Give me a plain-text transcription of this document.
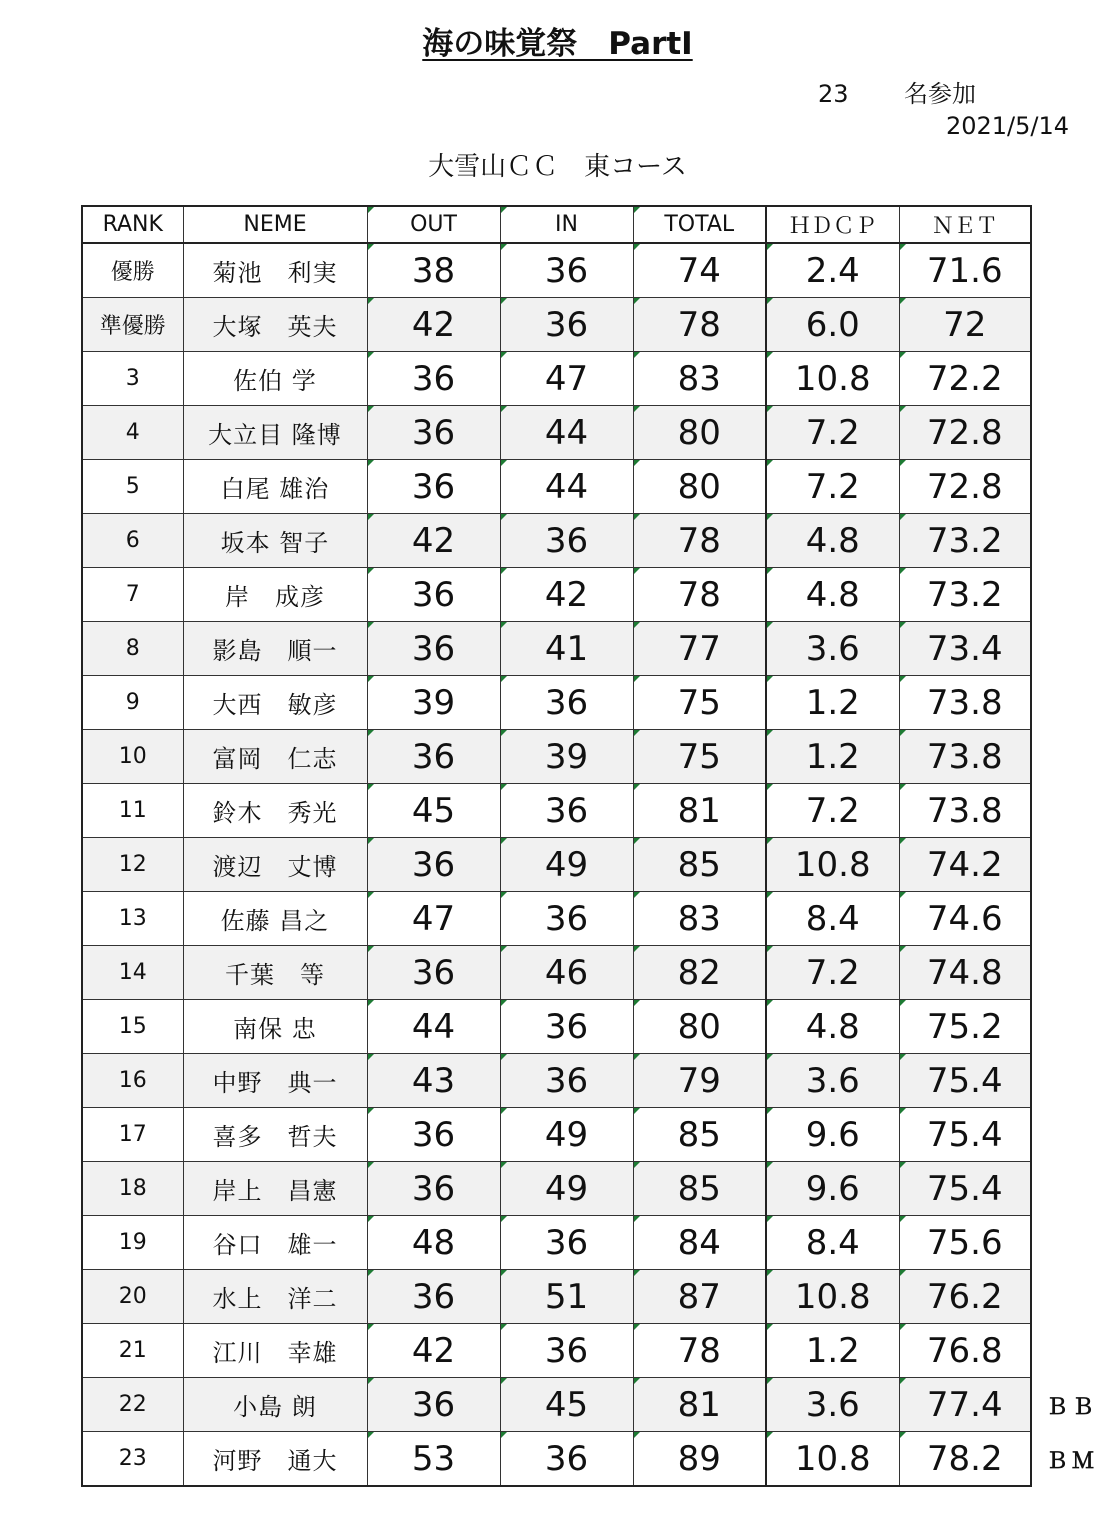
海の味覚祭　PartⅠ
23 名参加
2021/5/14
大雪山ＣＣ　東コース
RANK	NEME	OUT	IN	TOTAL	ＨＤＣＰ	ＮＥＴ
優勝	菊池　利実	38	36	74	2.4	71.6
準優勝	大塚　英夫	42	36	78	6.0	72
3	佐伯 学	36	47	83	10.8	72.2
4	大立目 隆博	36	44	80	7.2	72.8
5	白尾 雄治	36	44	80	7.2	72.8
6	坂本 智子	42	36	78	4.8	73.2
7	岸　成彦	36	42	78	4.8	73.2
8	影島　順一	36	41	77	3.6	73.4
9	大西　敏彦	39	36	75	1.2	73.8
10	富岡　仁志	36	39	75	1.2	73.8
11	鈴木　秀光	45	36	81	7.2	73.8
12	渡辺　丈博	36	49	85	10.8	74.2
13	佐藤 昌之	47	36	83	8.4	74.6
14	千葉　等	36	46	82	7.2	74.8
15	南保 忠	44	36	80	4.8	75.2
16	中野　典一	43	36	79	3.6	75.4
17	喜多　哲夫	36	49	85	9.6	75.4
18	岸上　昌憲	36	49	85	9.6	75.4
19	谷口　雄一	48	36	84	8.4	75.6
20	水上　洋二	36	51	87	10.8	76.2
21	江川　幸雄	42	36	78	1.2	76.8
22	小島 朗	36	45	81	3.6	77.4
23	河野　通大	53	36	89	10.8	78.2
ＢＢ
ＢＭ
